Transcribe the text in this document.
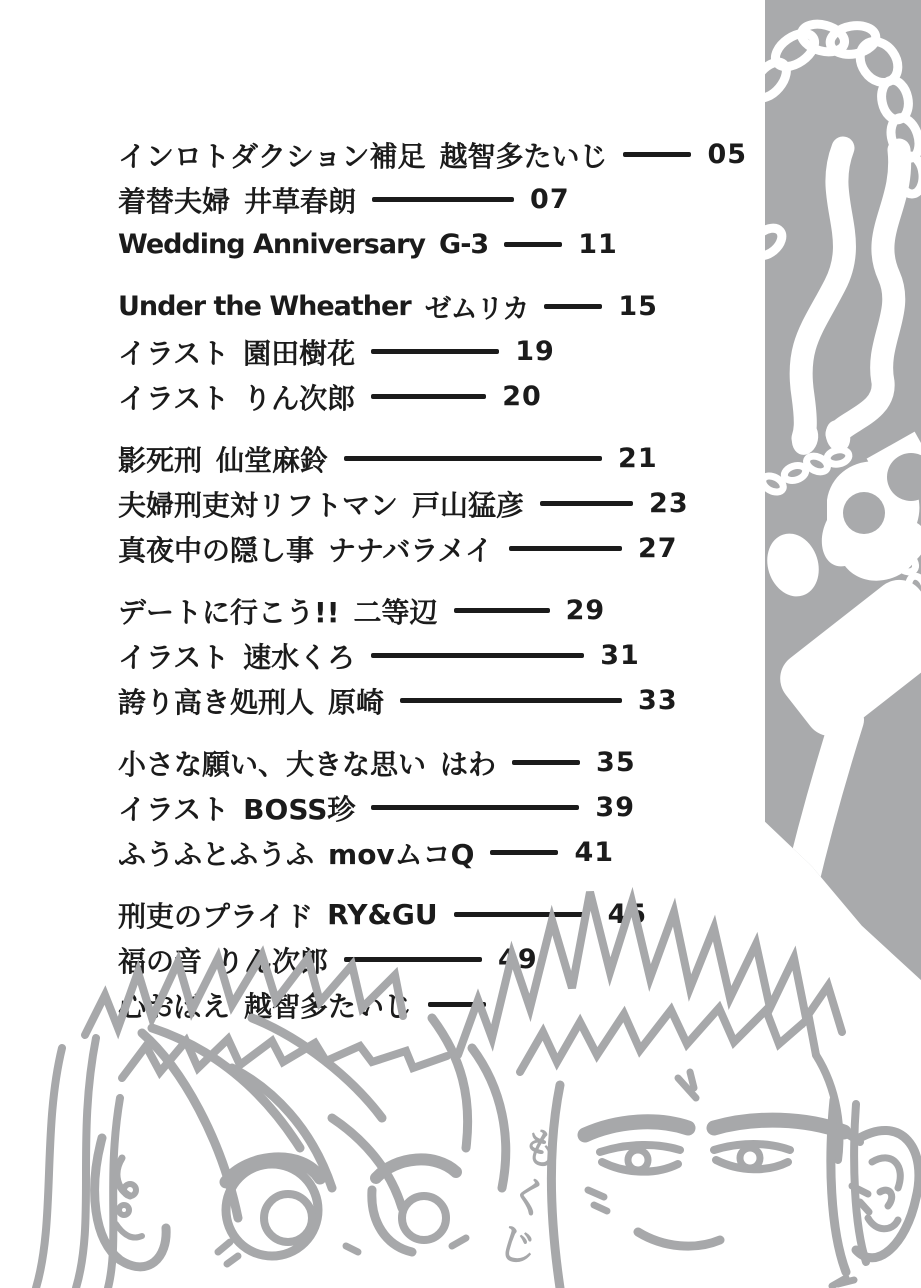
インロトダクション補足 越智多たいじ	05
着替夫婦 井草春朗	07
Wedding Anniversary G-3	11
Under the Wheather ゼムリカ	15
イラスト 園田樹花	19
イラスト りん次郎	20
影死刑 仙堂麻鈴	21
夫婦刑吏対リフトマン 戸山猛彦	23
真夜中の隠し事 ナナバラメイ	27
デートに行こう!! 二等辺	29
イラスト 速水くろ	31
誇り高き処刑人 原崎	33
小さな願い、大きな思い はわ	35
イラスト BOSS珍	39
ふうふとふうふ movムコQ	41
刑吏のプライド RY&GU	45
福の音 りん次郎	49
心おぼえ 越智多たいじ
もくじ
